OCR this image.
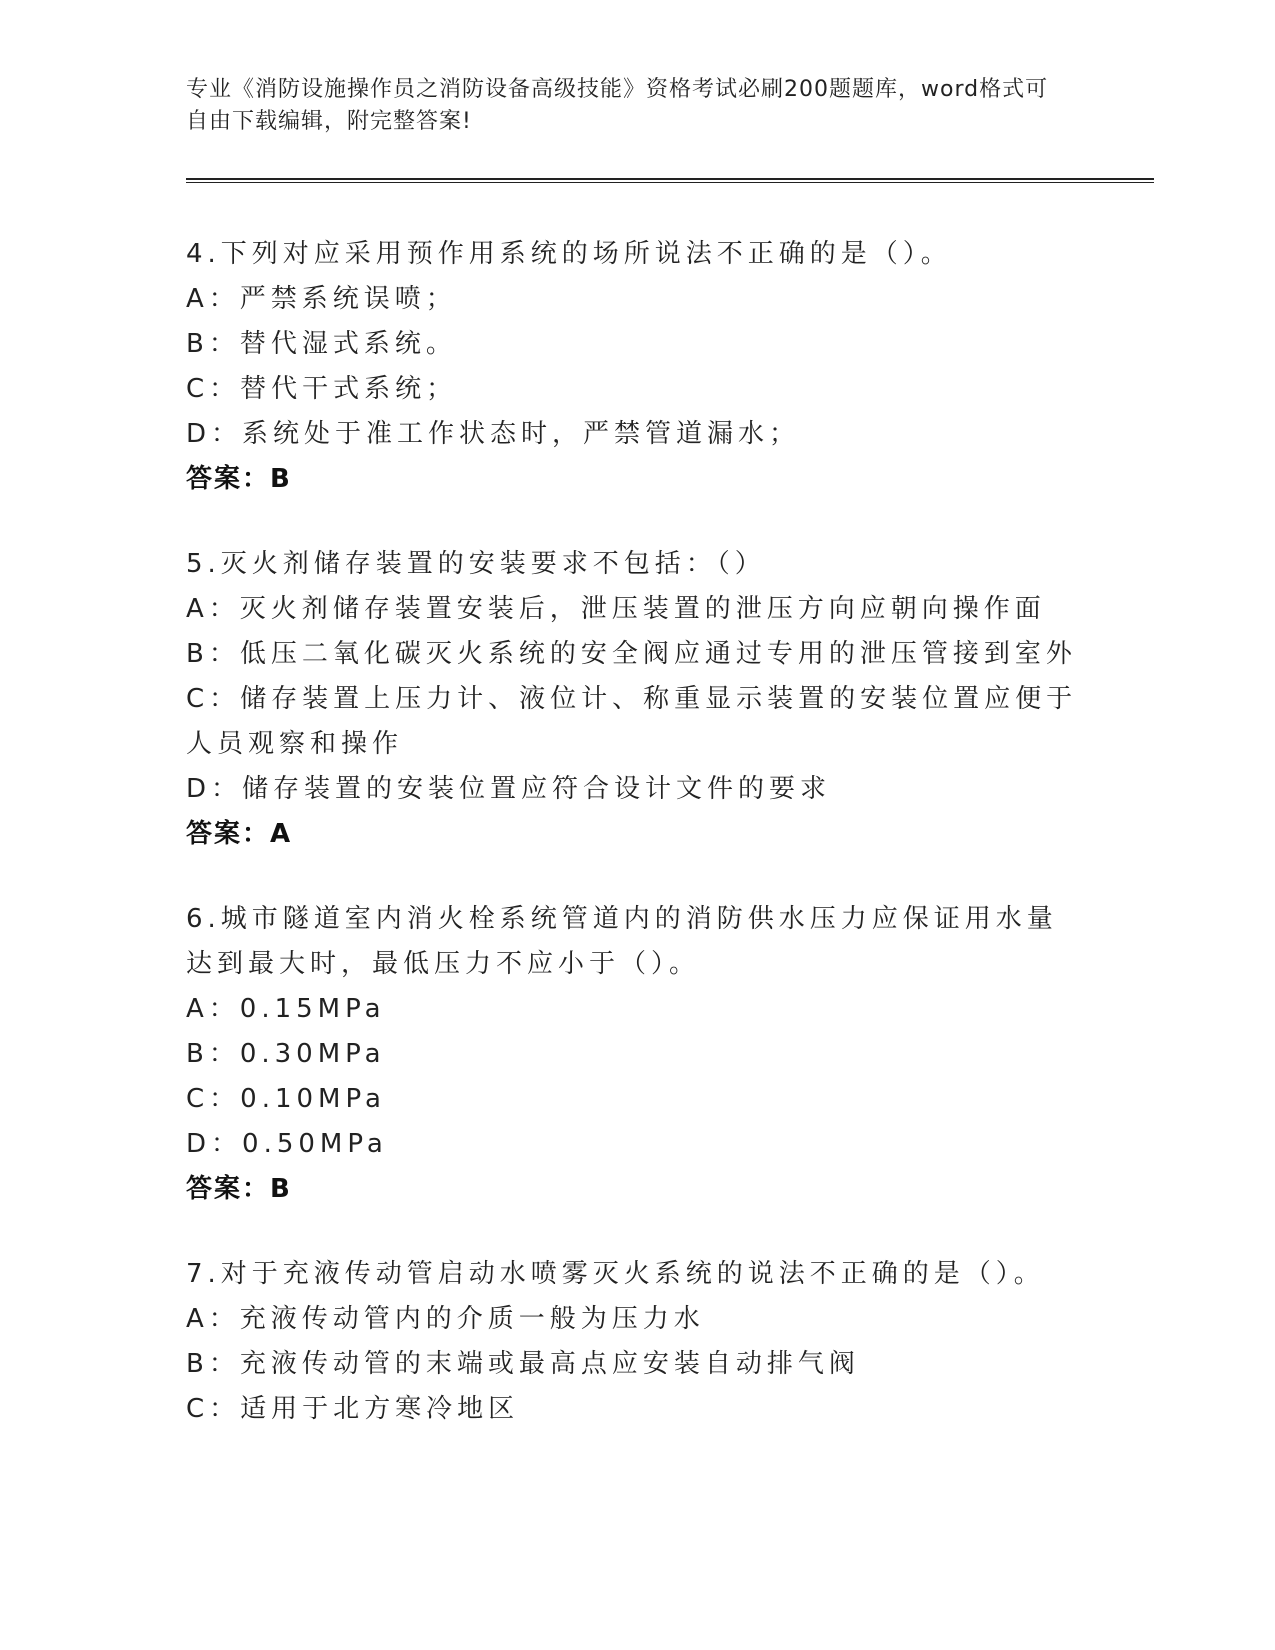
专业《消防设施操作员之消防设备高级技能》资格考试必刷200题题库，word格式可自由下载编辑，附完整答案!
4.下列对应采用预作用系统的场所说法不正确的是（）。
A：严禁系统误喷；
B：替代湿式系统。
C：替代干式系统；
D：系统处于准工作状态时，严禁管道漏水；
答案：B
5.灭火剂储存装置的安装要求不包括：（）
A：灭火剂储存装置安装后，泄压装置的泄压方向应朝向操作面
B：低压二氧化碳灭火系统的安全阀应通过专用的泄压管接到室外
C：储存装置上压力计、液位计、称重显示装置的安装位置应便于人员观察和操作
D：储存装置的安装位置应符合设计文件的要求
答案：A
6.城市隧道室内消火栓系统管道内的消防供水压力应保证用水量达到最大时，最低压力不应小于（）。
A：0.15MPa
B：0.30MPa
C：0.10MPa
D：0.50MPa
答案：B
7.对于充液传动管启动水喷雾灭火系统的说法不正确的是（）。
A：充液传动管内的介质一般为压力水
B：充液传动管的末端或最高点应安装自动排气阀
C：适用于北方寒冷地区
